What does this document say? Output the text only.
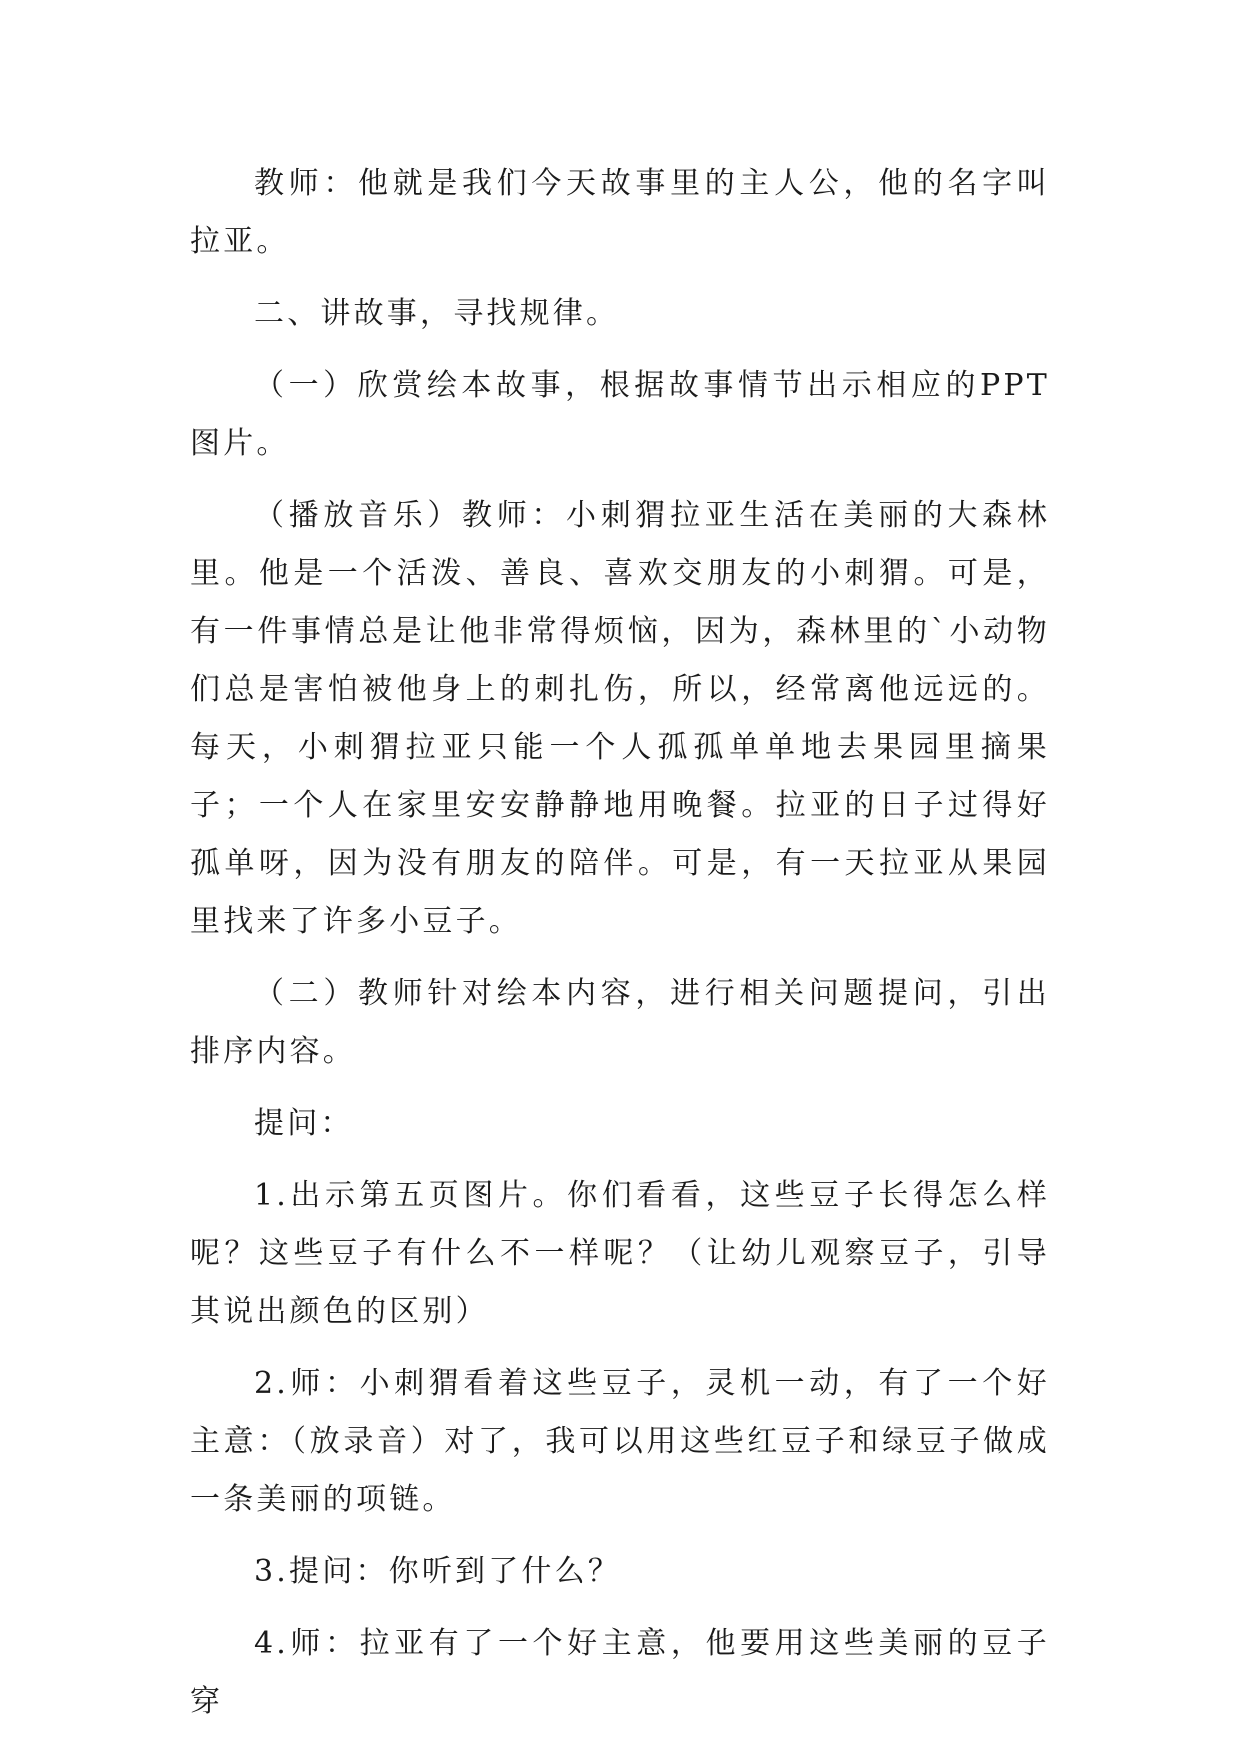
教师：他就是我们今天故事里的主人公，他的名字叫拉亚。

二、讲故事，寻找规律。

（一）欣赏绘本故事，根据故事情节出示相应的PPT图片。

（播放音乐）教师：小刺猬拉亚生活在美丽的大森林里。他是一个活泼、善良、喜欢交朋友的小刺猬。可是，有一件事情总是让他非常得烦恼，因为，森林里的`小动物们总是害怕被他身上的刺扎伤，所以，经常离他远远的。每天，小刺猬拉亚只能一个人孤孤单单地去果园里摘果子；一个人在家里安安静静地用晚餐。拉亚的日子过得好孤单呀，因为没有朋友的陪伴。可是，有一天拉亚从果园里找来了许多小豆子。

（二）教师针对绘本内容，进行相关问题提问，引出排序内容。

提问：

1.出示第五页图片。你们看看，这些豆子长得怎么样呢？这些豆子有什么不一样呢？（让幼儿观察豆子，引导其说出颜色的区别）

2.师：小刺猬看着这些豆子，灵机一动，有了一个好主意：（放录音）对了，我可以用这些红豆子和绿豆子做成一条美丽的项链。

3.提问：你听到了什么？

4.师：拉亚有了一个好主意，他要用这些美丽的豆子穿
